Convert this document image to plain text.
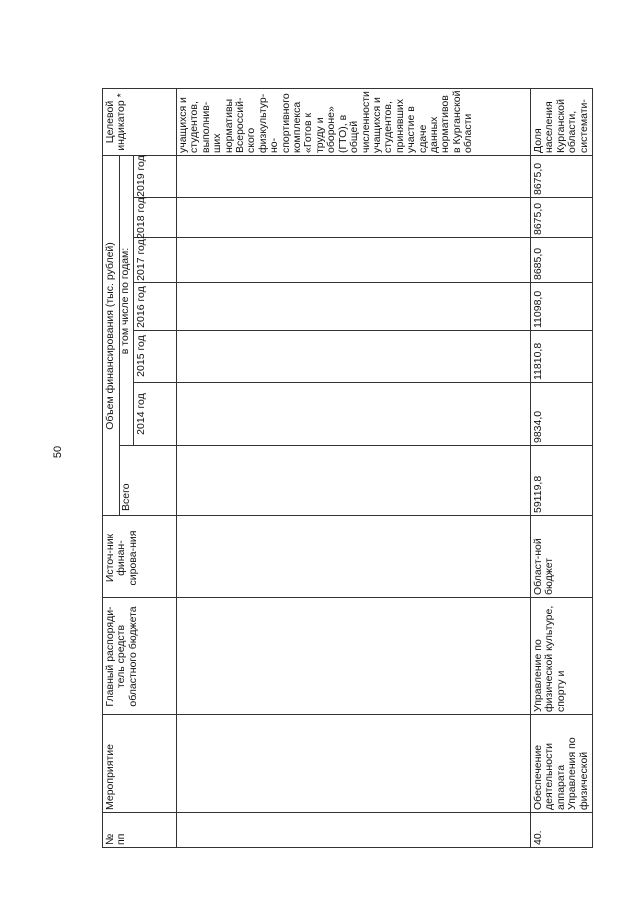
50
№ пп
Мероприятие
Главный распоряди-тель средств областного бюджета
Источ-ник финан-сирова-ния
Объем финансирования (тыс. рублей)
Всего
в том числе по годам:
2014 год
2015 год
2016 год
2017 год
2018 год
2019 год
Целевой индикатор *	учащихся и студентов, выполнив-ших нормативы Всероссий-ского физкультур-но-спортивного комплекса «Готов к труду и обороне» (ГТО), в общей численности учащихся и студентов, принявших участие в сдаче данных нормативов в Курганской области
40.
Обеспечение деятельности аппарата Управления по физической
Управление по физической культуре, спорту и
Област-ной бюджет
59119,8
9834,0
11810,8
11098,0
8685,0
8675,0
8675,0
Доля населения Курганской области, системати-
